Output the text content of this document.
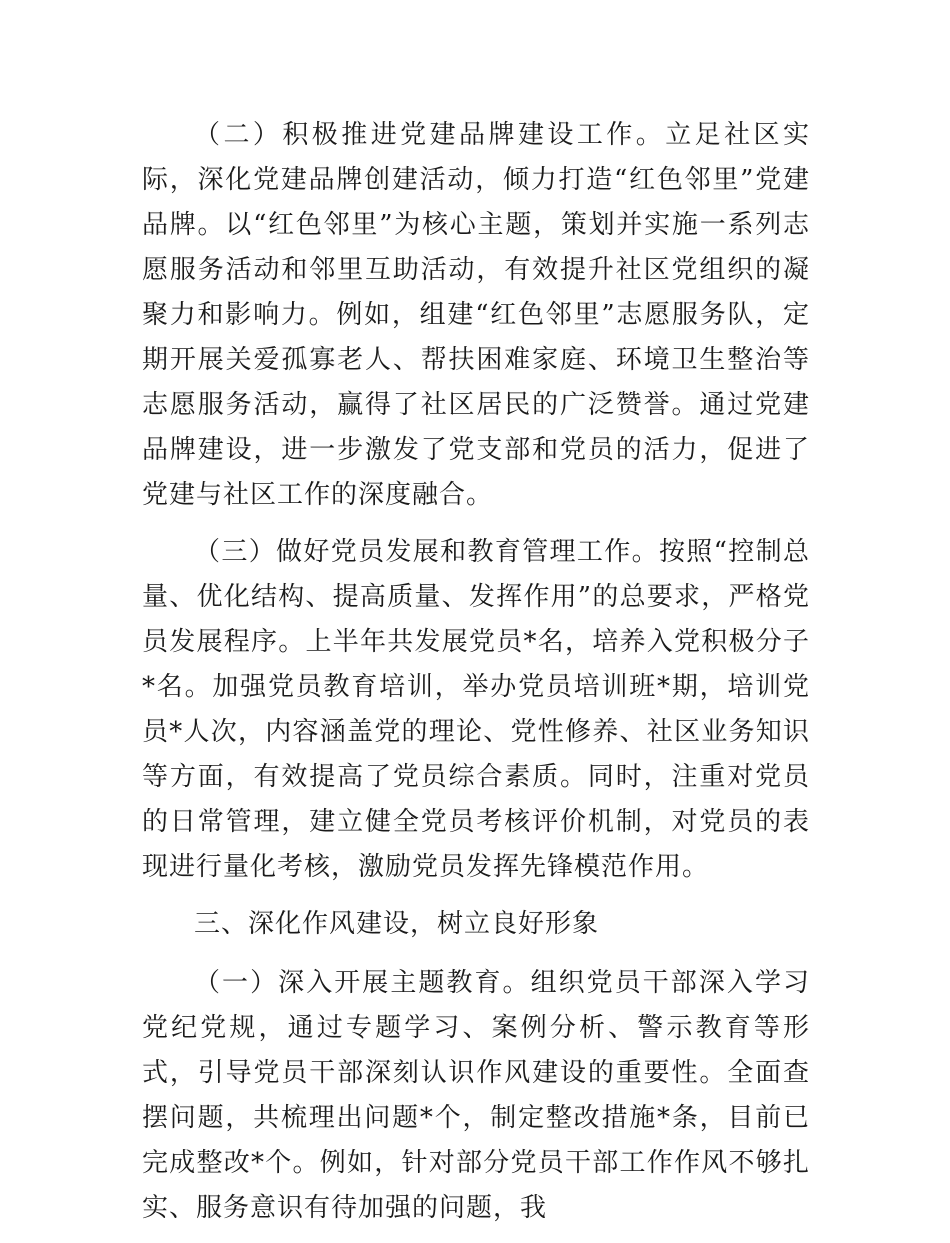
（二）积极推进党建品牌建设工作。立足社区实际，深化党建品牌创建活动，倾力打造“红色邻里”党建品牌。以“红色邻里”为核心主题，策划并实施一系列志愿服务活动和邻里互助活动，有效提升社区党组织的凝聚力和影响力。例如，组建“红色邻里”志愿服务队，定期开展关爱孤寡老人、帮扶困难家庭、环境卫生整治等志愿服务活动，赢得了社区居民的广泛赞誉。通过党建品牌建设，进一步激发了党支部和党员的活力，促进了党建与社区工作的深度融合。

（三）做好党员发展和教育管理工作。按照“控制总量、优化结构、提高质量、发挥作用”的总要求，严格党员发展程序。上半年共发展党员*名，培养入党积极分子*名。加强党员教育培训，举办党员培训班*期，培训党员*人次，内容涵盖党的理论、党性修养、社区业务知识等方面，有效提高了党员综合素质。同时，注重对党员的日常管理，建立健全党员考核评价机制，对党员的表现进行量化考核，激励党员发挥先锋模范作用。

三、深化作风建设，树立良好形象

（一）深入开展主题教育。组织党员干部深入学习党纪党规，通过专题学习、案例分析、警示教育等形式，引导党员干部深刻认识作风建设的重要性。全面查摆问题，共梳理出问题*个，制定整改措施*条，目前已完成整改*个。例如，针对部分党员干部工作作风不够扎实、服务意识有待加强的问题，我
